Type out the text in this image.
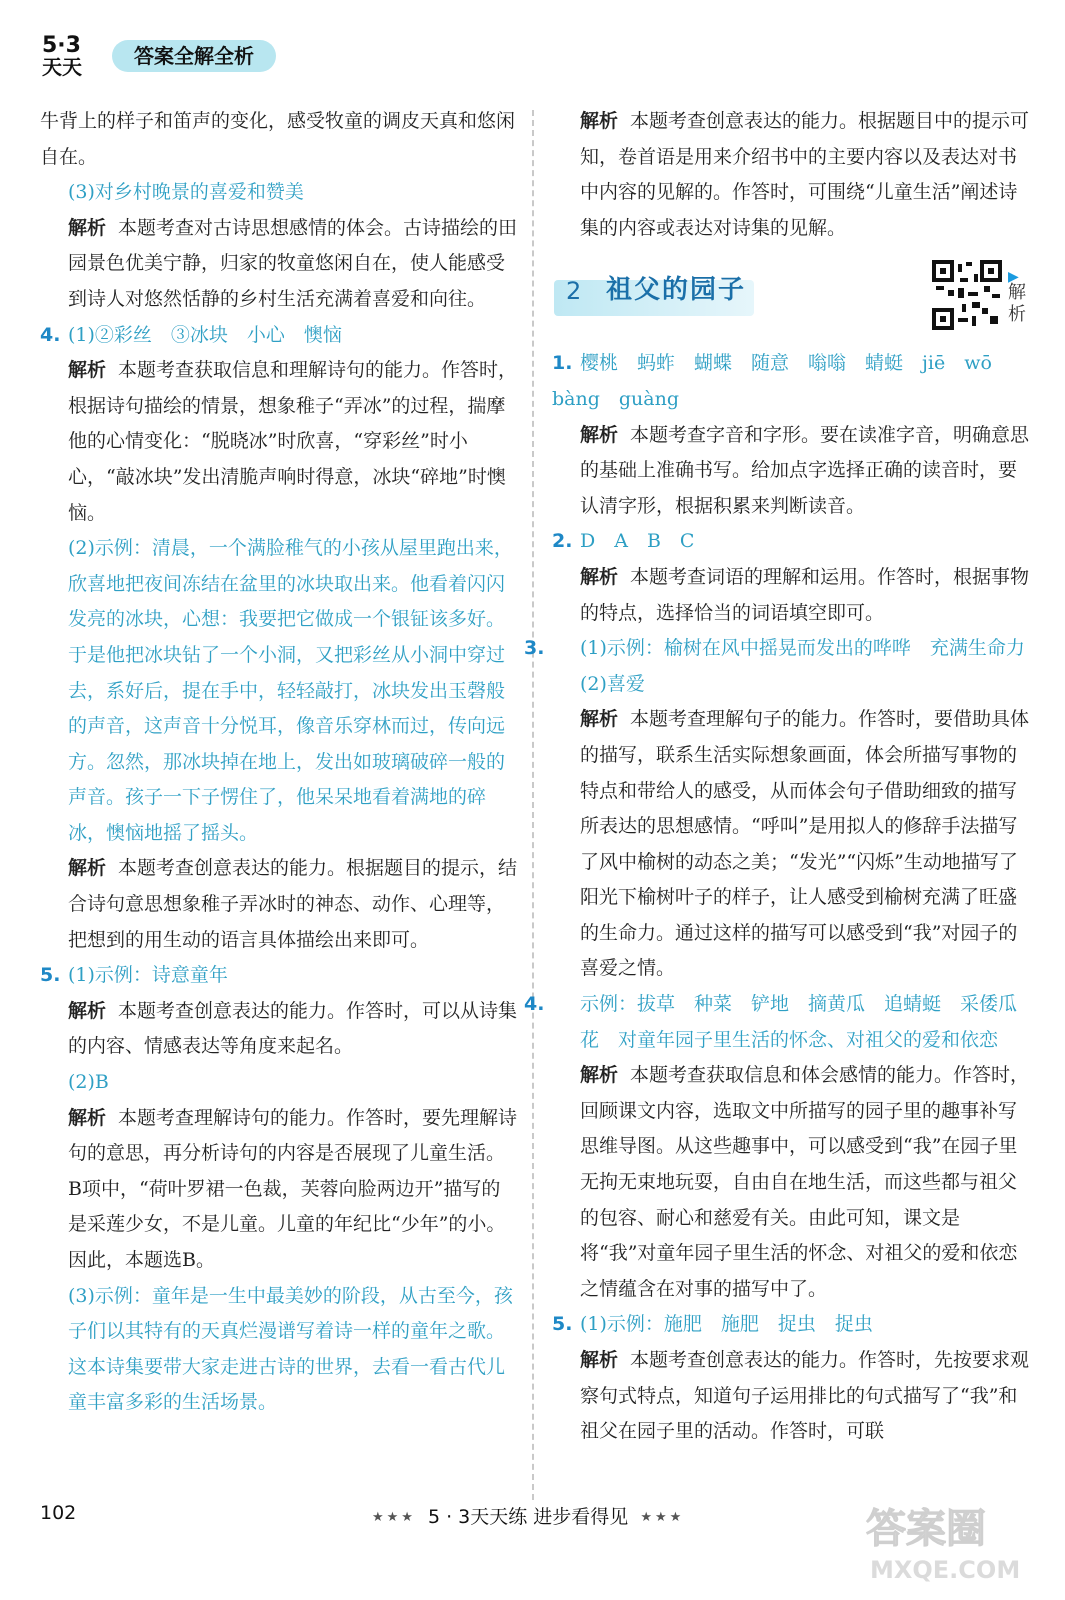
5·3
天天	答案全解全析

牛背上的样子和笛声的变化，感受牧童的调皮天真和悠闲自在。

(3)对乡村晚景的喜爱和赞美

解析 本题考查对古诗思想感情的体会。古诗描绘的田园景色优美宁静，归家的牧童悠闲自在，使人能感受到诗人对悠然恬静的乡村生活充满着喜爱和向往。

4. (1)②彩丝　③冰块　小心　懊恼

解析 本题考查获取信息和理解诗句的能力。作答时，根据诗句描绘的情景，想象稚子“弄冰”的过程，揣摩他的心情变化：“脱晓冰”时欣喜，“穿彩丝”时小心，“敲冰块”发出清脆声响时得意，冰块“碎地”时懊恼。

(2)示例：清晨，一个满脸稚气的小孩从屋里跑出来，欣喜地把夜间冻结在盆里的冰块取出来。他看着闪闪发亮的冰块，心想：我要把它做成一个银钲该多好。于是他把冰块钻了一个小洞，又把彩丝从小洞中穿过去，系好后，提在手中，轻轻敲打，冰块发出玉磬般的声音，这声音十分悦耳，像音乐穿林而过，传向远方。忽然，那冰块掉在地上，发出如玻璃破碎一般的声音。孩子一下子愣住了，他呆呆地看着满地的碎冰，懊恼地摇了摇头。

解析 本题考查创意表达的能力。根据题目的提示，结合诗句意思想象稚子弄冰时的神态、动作、心理等，把想到的用生动的语言具体描绘出来即可。

5. (1)示例：诗意童年

解析 本题考查创意表达的能力。作答时，可以从诗集的内容、情感表达等角度来起名。

(2)B

解析 本题考查理解诗句的能力。作答时，要先理解诗句的意思，再分析诗句的内容是否展现了儿童生活。B项中，“荷叶罗裙一色裁，芙蓉向脸两边开”描写的是采莲少女，不是儿童。儿童的年纪比“少年”的小。因此，本题选B。

(3)示例：童年是一生中最美妙的阶段，从古至今，孩子们以其特有的天真烂漫谱写着诗一样的童年之歌。这本诗集要带大家走进古诗的世界，去看一看古代儿童丰富多彩的生活场景。

解析 本题考查创意表达的能力。根据题目中的提示可知，卷首语是用来介绍书中的主要内容以及表达对书中内容的见解的。作答时，可围绕“儿童生活”阐述诗集的内容或表达对诗集的见解。

2 祖父的园子	▶
解析

1. 樱桃　蚂蚱　蝴蝶　随意　嗡嗡　蜻蜓　jiē　wō　bàng　guàng

解析 本题考查字音和字形。要在读准字音，明确意思的基础上准确书写。给加点字选择正确的读音时，要认清字形，根据积累来判断读音。

2. D　A　B　C

解析 本题考查词语的理解和运用。作答时，根据事物的特点，选择恰当的词语填空即可。

3. (1)示例：榆树在风中摇晃而发出的哗哗　充满生命力　(2)喜爱

解析 本题考查理解句子的能力。作答时，要借助具体的描写，联系生活实际想象画面，体会所描写事物的特点和带给人的感受，从而体会句子借助细致的描写所表达的思想感情。“呼叫”是用拟人的修辞手法描写了风中榆树的动态之美；“发光”“闪烁”生动地描写了阳光下榆树叶子的样子，让人感受到榆树充满了旺盛的生命力。通过这样的描写可以感受到“我”对园子的喜爱之情。

4. 示例：拔草　种菜　铲地　摘黄瓜　追蜻蜓　采倭瓜花　对童年园子里生活的怀念、对祖父的爱和依恋

解析 本题考查获取信息和体会感情的能力。作答时，回顾课文内容，选取文中所描写的园子里的趣事补写思维导图。从这些趣事中，可以感受到“我”在园子里无拘无束地玩耍，自由自在地生活，而这些都与祖父的包容、耐心和慈爱有关。由此可知，课文是将“我”对童年园子里生活的怀念、对祖父的爱和依恋之情蕴含在对事的描写中了。

5. (1)示例：施肥　施肥　捉虫　捉虫

解析 本题考查创意表达的能力。作答时，先按要求观察句式特点，知道句子运用排比的句式描写了“我”和祖父在园子里的活动。作答时，可联

102	★★★ 5 · 3天天练 进步看得见 ★★★	答案圈
MXQE.COM
